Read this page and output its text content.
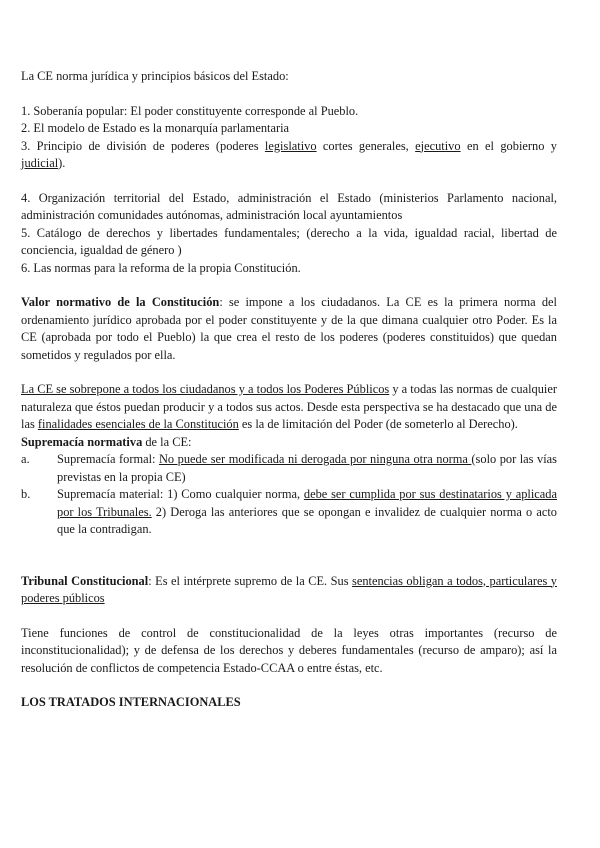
La CE norma jurídica y principios básicos del Estado:

1. Soberanía popular: El poder constituyente corresponde al Pueblo.

2. El modelo de Estado es la monarquía parlamentaria

3. Principio de división de poderes (poderes legislativo cortes generales, ejecutivo en el gobierno y judicial).

4. Organización territorial del Estado, administración el Estado (ministerios Parlamento nacional, administración comunidades autónomas, administración local ayuntamientos

5. Catálogo de derechos y libertades fundamentales; (derecho a la vida, igualdad racial, libertad de conciencia, igualdad de género )

6. Las normas para la reforma de la propia Constitución.

Valor normativo de la Constitución: se impone a los ciudadanos. La CE es la primera norma del ordenamiento jurídico aprobada por el poder constituyente y de la que dimana cualquier otro Poder. Es la CE (aprobada por todo el Pueblo) la que crea el resto de los poderes (poderes constituidos) que quedan sometidos y regulados por ella.

La CE se sobrepone a todos los ciudadanos y a todos los Poderes Públicos y a todas las normas de cualquier naturaleza que éstos puedan producir y a todos sus actos. Desde esta perspectiva se ha destacado que una de las finalidades esenciales de la Constitución es la de limitación del Poder (de someterlo al Derecho).

Supremacía normativa de la CE:

a.	Supremacía formal: No puede ser modificada ni derogada por ninguna otra norma (solo por las vías previstas en la propia CE)
b.	Supremacía material: 1) Como cualquier norma, debe ser cumplida por sus destinatarios y aplicada por los Tribunales. 2) Deroga las anteriores que se opongan e invalidez de cualquier norma o acto que la contradigan.

Tribunal Constitucional: Es el intérprete supremo de la CE. Sus sentencias obligan a todos, particulares y poderes públicos

Tiene funciones de control de constitucionalidad de la leyes otras importantes (recurso de inconstitucionalidad); y de defensa de los derechos y deberes fundamentales (recurso de amparo); así la resolución de conflictos de competencia Estado-CCAA o entre éstas, etc.

LOS TRATADOS INTERNACIONALES
